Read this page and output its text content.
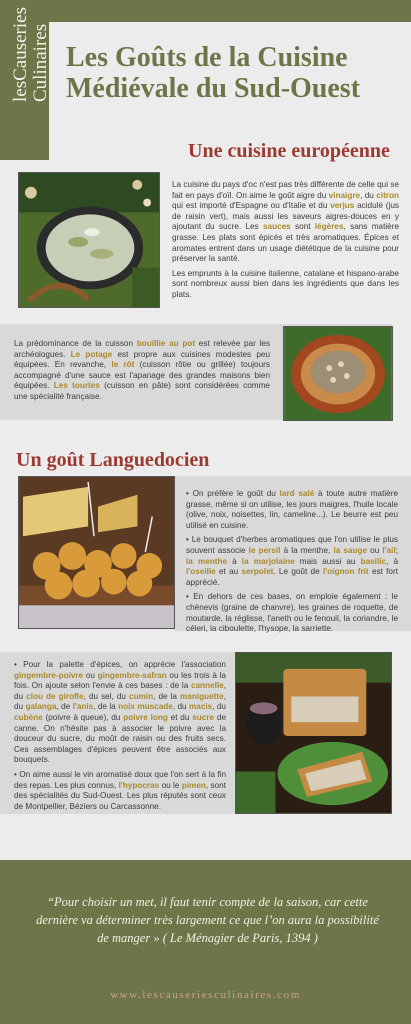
lesCauseries Culinaires Les Goûts de la Cuisine Médiévale du Sud-Ouest
Une cuisine européenne

La cuisine du pays d'oc n'est pas très différente de celle qui se fait en pays d'oïl. On aime le goût aigre du vinaigre, du citron qui est importé d'Espagne ou d'Italie et du verjus acidulé (jus de raisin vert), mais aussi les saveurs aigres-douces en y ajoutant du sucre. Les sauces sont légères, sans matière grasse. Les plats sont épicés et très aromatiques. Épices et aromates entrent dans un usage diététique de la cuisine pour préserver la santé.

Les emprunts à la cuisine italienne, catalane et hispano-arabe sont nombreux aussi bien dans les ingrédients que dans les plats.

La prédominance de la cuisson bouillie au pot est relevée par les archéologues. Le potage est propre aux cuisines modestes peu équipées. En revanche, le rôt (cuisson rôtie ou grillée) toujours accompagné d'une sauce est l'apanage des grandes maisons bien équipées. Les tourtes (cuisson en pâte) sont considérées comme une spécialité française.

Un goût Languedocien

• On préfère le goût du lard salé à toute autre matière grasse, même si on utilise, les jours maigres, l'huile locale (olive, noix, noisettes, lin, cameline...). Le beurre est peu utilisé en cuisine.

• Le bouquet d'herbes aromatiques que l'on utilise le plus souvent associe le persil à la menthe, la sauge ou l'ail; la menthe à la marjolaine mais aussi au basilic, à l'oseille et au serpolet. Le goût de l'oignon frit est fort apprécié.

• En dehors de ces bases, on emploie également : le chènevis (graine de chanvre), les graines de roquette, de moutarde, la réglisse, l'aneth ou le fenouil, la coriandre, le céleri, la ciboulette, l'hysope, la sarriette.

• Pour la palette d'épices, on apprécie l'association gingembre-poivre ou gingembre-safran ou les trois à la fois. On ajoute selon l'envie à ces bases : de la cannelle, du clou de girofle, du sel, du cumin, de la maniguette, du galanga, de l'anis, de la noix muscade, du macis, du cubène (poivre à queue), du poivre long et du sucre de canne. On n'hésite pas à associer le poivre avec la douceur du sucre, du moût de raisin ou des fruits secs. Ces assemblages d'épices peuvent être associés aux bouquets.

• On aime aussi le vin aromatisé doux que l'on sert à la fin des repas. Les plus connus, l'hypocras ou le pimen, sont des spécialités du Sud-Ouest. Les plus réputés sont ceux de Montpellier, Béziers ou Carcassonne.

“Pour choisir un met, il faut tenir compte de la saison, car cette dernière va déterminer très largement ce que l’on aura la possibilité de manger » ( Le Ménagier de Paris, 1394 )
www.lescauseriesculinaires.com
